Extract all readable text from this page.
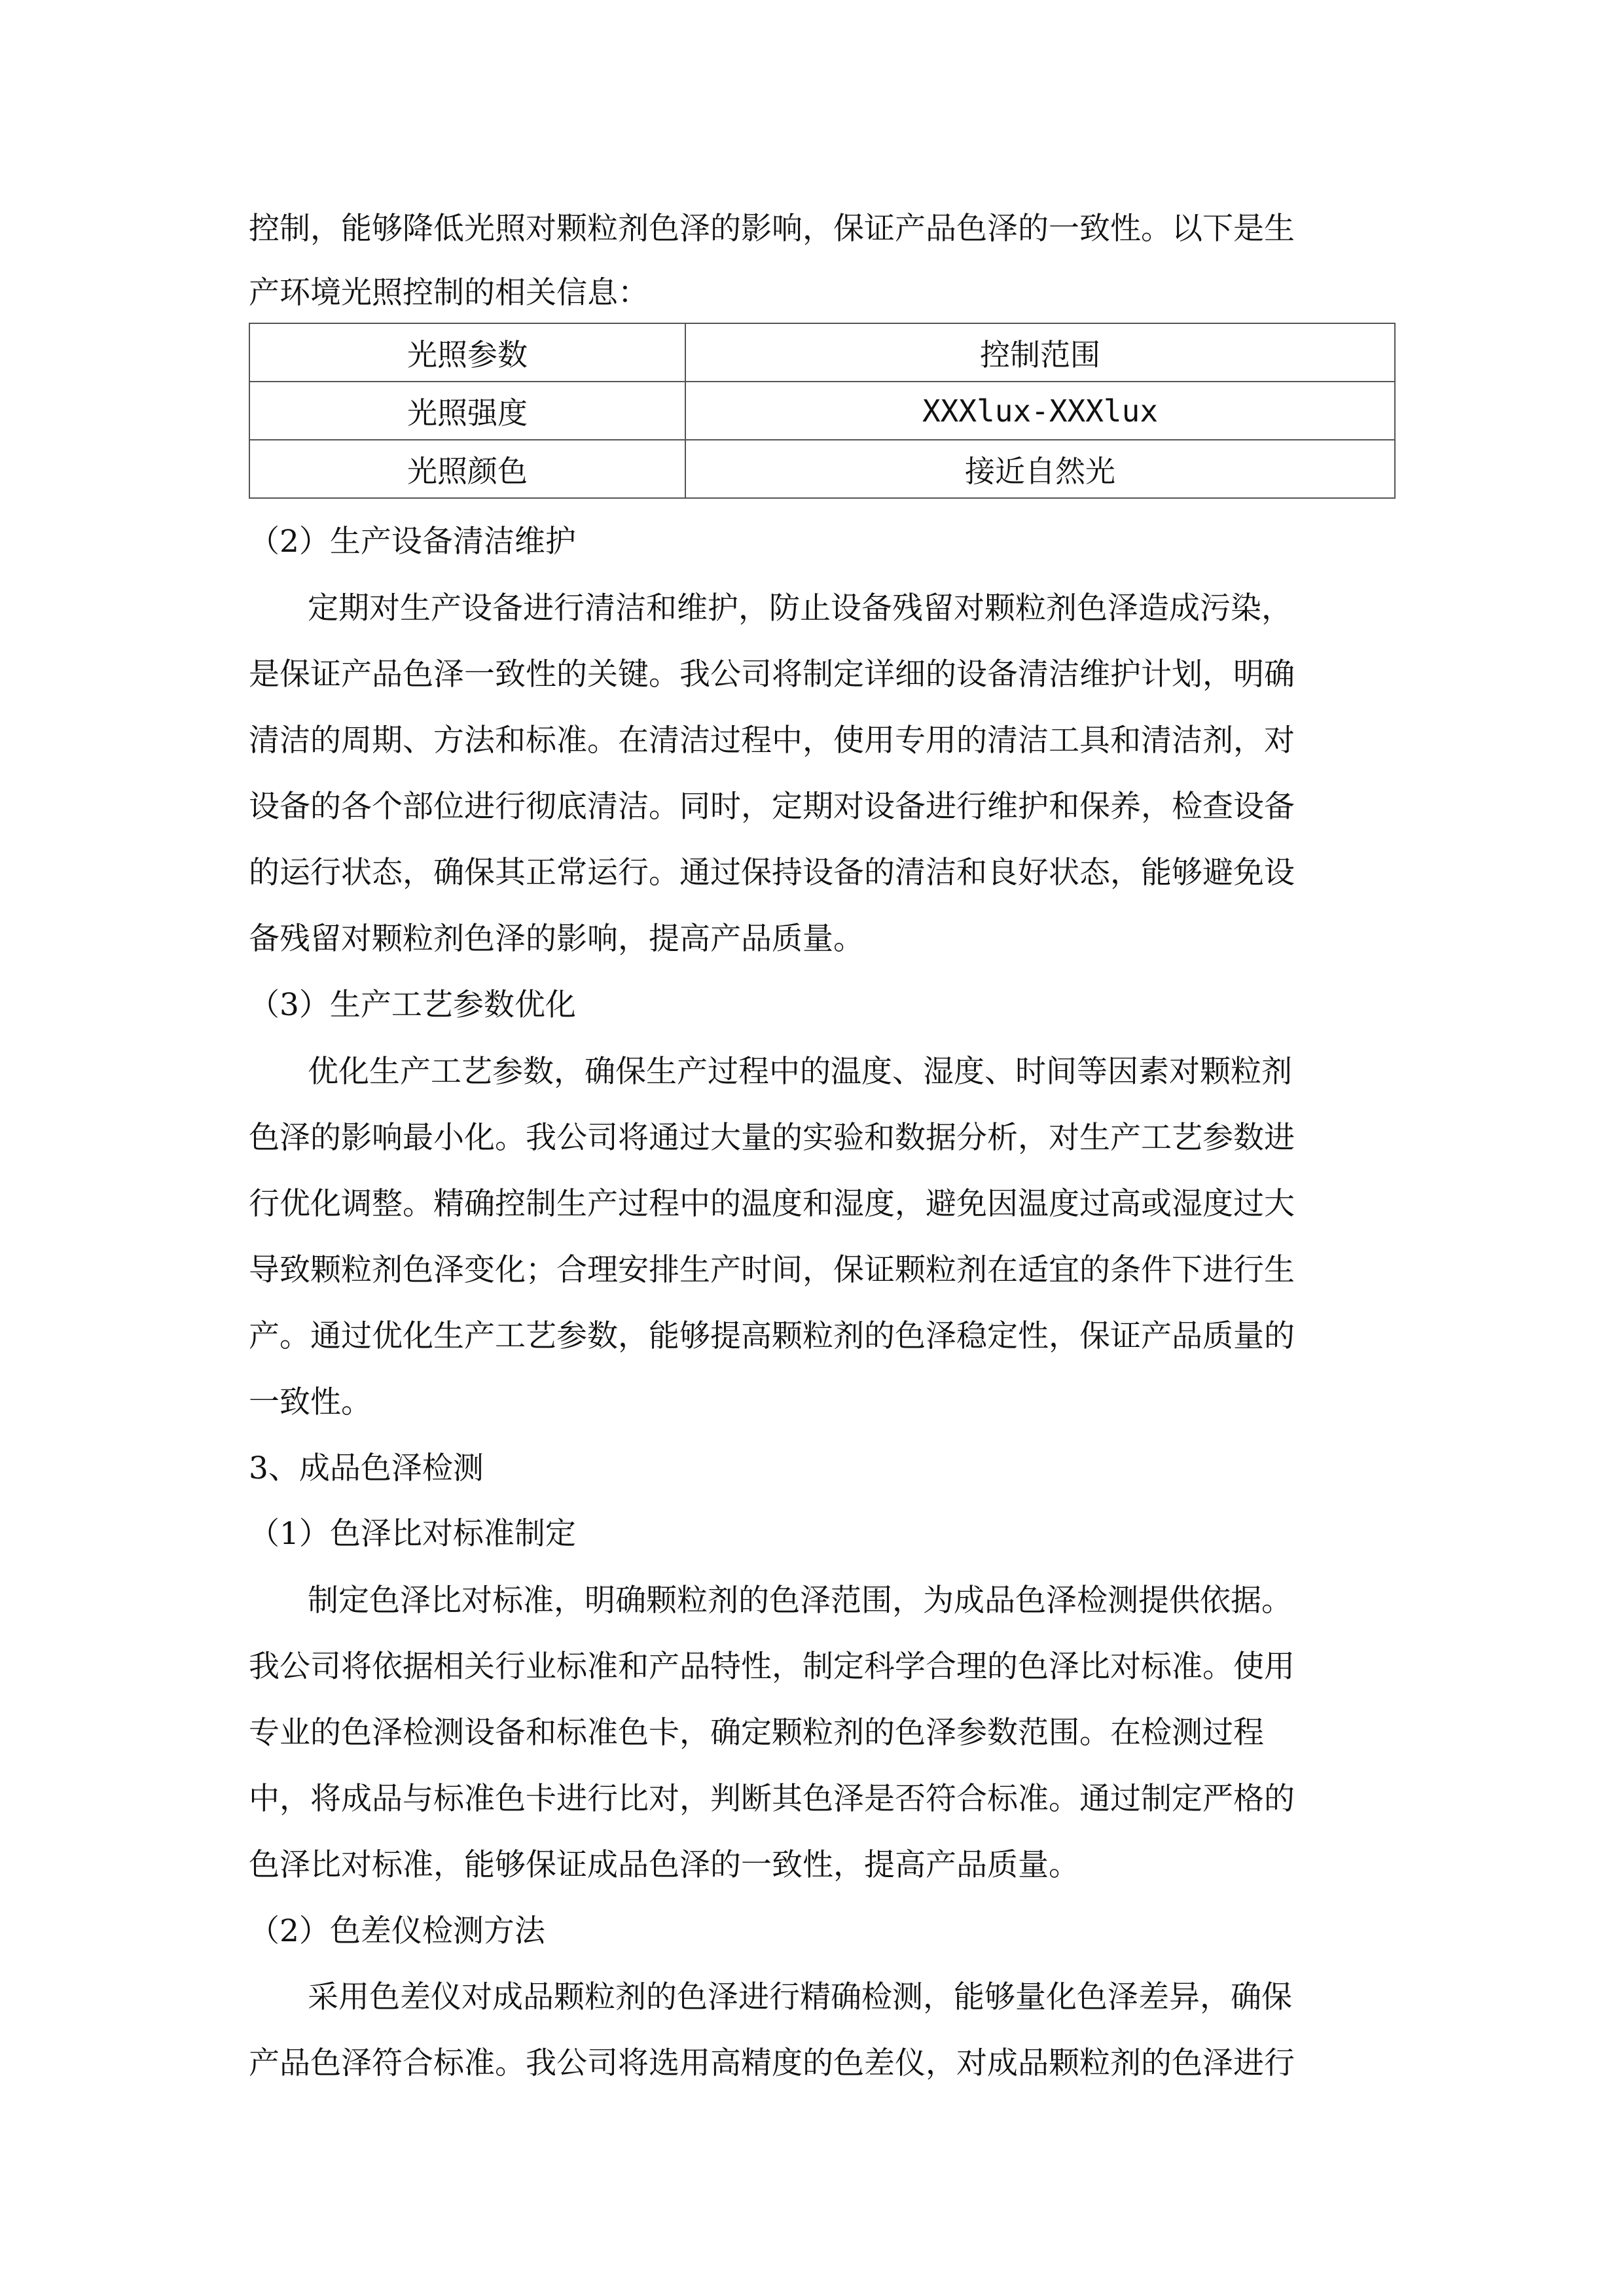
控制，能够降低光照对颗粒剂色泽的影响，保证产品色泽的一致性。以下是生
产环境光照控制的相关信息：
光照参数	控制范围
光照强度	XXXlux-XXXlux
光照颜色	接近自然光
（2）生产设备清洁维护
定期对生产设备进行清洁和维护，防止设备残留对颗粒剂色泽造成污染，
是保证产品色泽一致性的关键。我公司将制定详细的设备清洁维护计划，明确
清洁的周期、方法和标准。在清洁过程中，使用专用的清洁工具和清洁剂，对
设备的各个部位进行彻底清洁。同时，定期对设备进行维护和保养，检查设备
的运行状态，确保其正常运行。通过保持设备的清洁和良好状态，能够避免设
备残留对颗粒剂色泽的影响，提高产品质量。
（3）生产工艺参数优化
优化生产工艺参数，确保生产过程中的温度、湿度、时间等因素对颗粒剂
色泽的影响最小化。我公司将通过大量的实验和数据分析，对生产工艺参数进
行优化调整。精确控制生产过程中的温度和湿度，避免因温度过高或湿度过大
导致颗粒剂色泽变化；合理安排生产时间，保证颗粒剂在适宜的条件下进行生
产。通过优化生产工艺参数，能够提高颗粒剂的色泽稳定性，保证产品质量的
一致性。
3、成品色泽检测
（1）色泽比对标准制定
制定色泽比对标准，明确颗粒剂的色泽范围，为成品色泽检测提供依据。
我公司将依据相关行业标准和产品特性，制定科学合理的色泽比对标准。使用
专业的色泽检测设备和标准色卡，确定颗粒剂的色泽参数范围。在检测过程
中，将成品与标准色卡进行比对，判断其色泽是否符合标准。通过制定严格的
色泽比对标准，能够保证成品色泽的一致性，提高产品质量。
（2）色差仪检测方法
采用色差仪对成品颗粒剂的色泽进行精确检测，能够量化色泽差异，确保
产品色泽符合标准。我公司将选用高精度的色差仪，对成品颗粒剂的色泽进行
